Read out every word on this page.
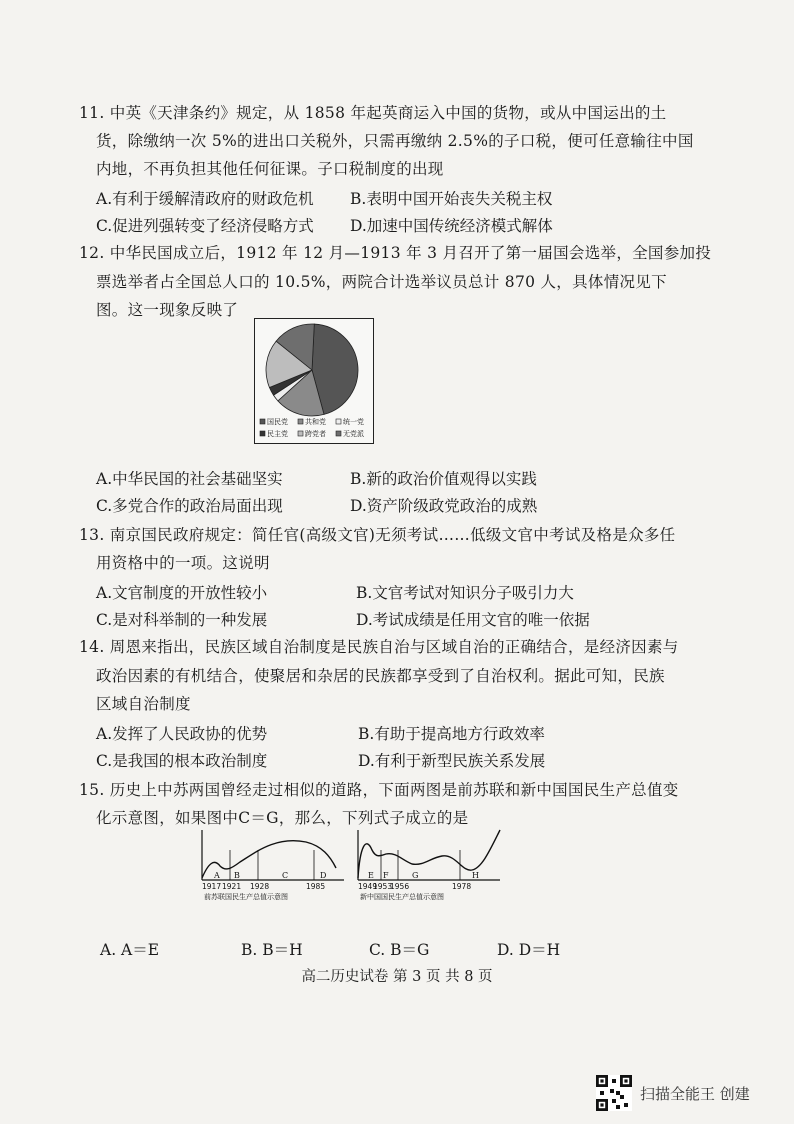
11. 中英《天津条约》规定，从 1858 年起英商运入中国的货物，或从中国运出的土
货，除缴纳一次 5%的进出口关税外，只需再缴纳 2.5%的子口税，便可任意输往中国
内地，不再负担其他任何征课。子口税制度的出现
A.有利于缓解清政府的财政危机 B.表明中国开始丧失关税主权
C.促进列强转变了经济侵略方式 D.加速中国传统经济模式解体
12. 中华民国成立后，1912 年 12 月—1913 年 3 月召开了第一届国会选举，全国参加投
票选举者占全国总人口的 10.5%，两院合计选举议员总计 870 人，具体情况见下
图。这一现象反映了
国民党 共和党 统一党
民主党 跨党者 无党派
A.中华民国的社会基础坚实	B.新的政治价值观得以实践
C.多党合作的政治局面出现	D.资产阶级政党政治的成熟
13. 南京国民政府规定：简任官(高级文官)无须考试……低级文官中考试及格是众多任
用资格中的一项。这说明
A.文官制度的开放性较小	B.文官考试对知识分子吸引力大
C.是对科举制的一种发展	D.考试成绩是任用文官的唯一依据
14. 周恩来指出，民族区域自治制度是民族自治与区域自治的正确结合，是经济因素与
政治因素的有机结合，使聚居和杂居的民族都享受到了自治权利。据此可知，民族
区域自治制度
A.发挥了人民政协的优势	B.有助于提高地方行政效率
C.是我国的根本政治制度	D.有利于新型民族关系发展
15. 历史上中苏两国曾经走过相似的道路，下面两图是前苏联和新中国国民生产总值变
化示意图，如果图中C＝G，那么，下列式子成立的是
1917 1921 1928	1985
A B	C	D
前苏联国民生产总值示意图
1949
1953
1956	1978
E F	G	H
新中国国民生产总值示意图
A. A＝E	B. B＝H	C. B＝G	D. D＝H
高二历史试卷 第 3 页 共 8 页
扫描全能王 创建
